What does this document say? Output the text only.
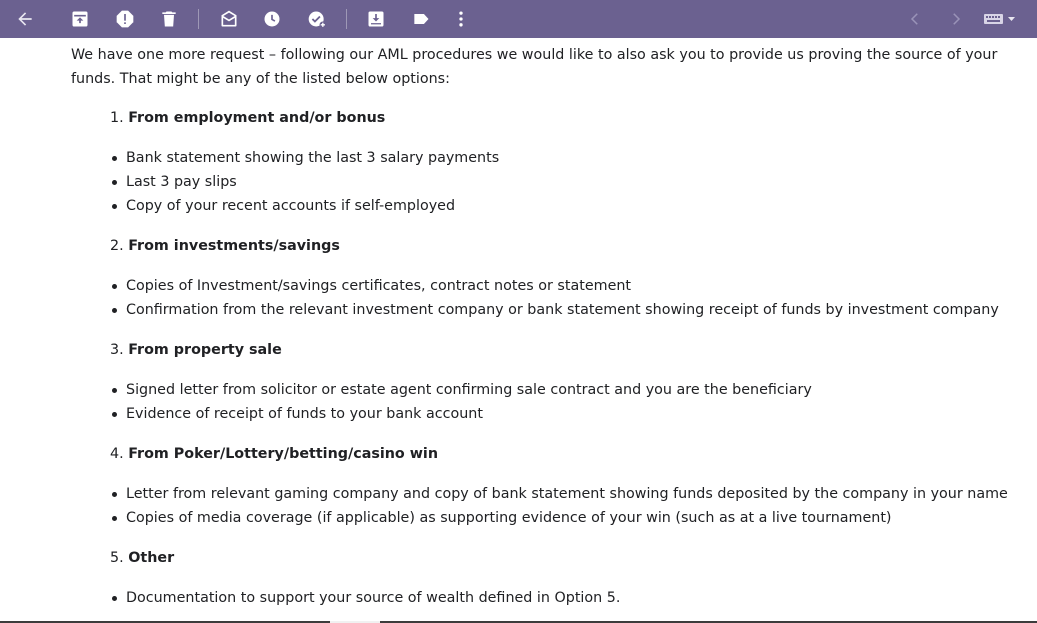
We have one more request – following our AML procedures we would like to also ask you to provide us proving the source of your funds. That might be any of the listed below options:

1. From employment and/or bonus

Bank statement showing the last 3 salary payments
Last 3 pay slips
Copy of your recent accounts if self-employed

2. From investments/savings

Copies of Investment/savings certificates, contract notes or statement
Confirmation from the relevant investment company or bank statement showing receipt of funds by investment company

3. From property sale

Signed letter from solicitor or estate agent confirming sale contract and you are the beneficiary
Evidence of receipt of funds to your bank account

4. From Poker/Lottery/betting/casino win

Letter from relevant gaming company and copy of bank statement showing funds deposited by the company in your name
Copies of media coverage (if applicable) as supporting evidence of your win (such as at a live tournament)

5. Other

Documentation to support your source of wealth defined in Option 5.
